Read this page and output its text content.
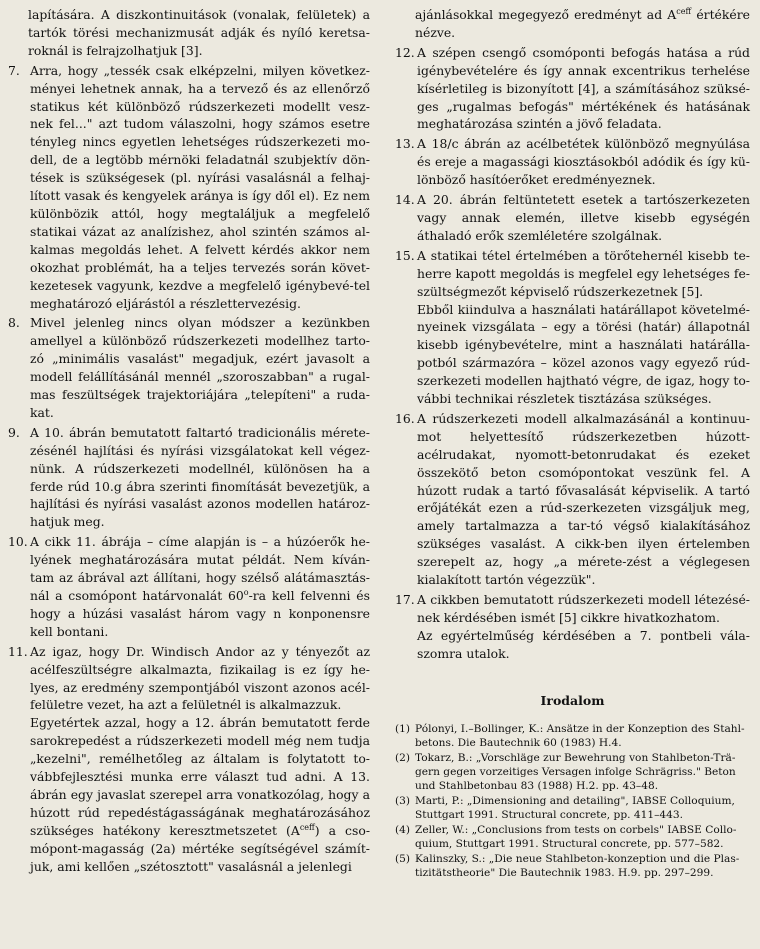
lapítására. A diszkontinuitások (vonalak, felületek) a tartók törési mechanizmusát adják és nyíló keretsa-roknál is felrajzolhatjuk [3].

7. Arra, hogy „tessék csak elképzelni, milyen következ-ményei lehetnek annak, ha a tervező és az ellenőrző statikus két különböző rúdszerkezeti modellt vesz-nek fel..." azt tudom válaszolni, hogy számos esetre tényleg nincs egyetlen lehetséges rúdszerkezeti mo-dell, de a legtöbb mérnöki feladatnál szubjektív dön-tések is szükségesek (pl. nyírási vasalásnál a felhaj-lított vasak és kengyelek aránya is így dől el). Ez nem különbözik attól, hogy megtaláljuk a megfelelő statikai vázat az analízishez, ahol szintén számos al-kalmas megoldás lehet. A felvett kérdés akkor nem okozhat problémát, ha a teljes tervezés során követ-kezetesek vagyunk, kezdve a megfelelő igénybevé-tel meghatározó eljárástól a részlettervezésig.
8. Mivel jelenleg nincs olyan módszer a kezünkben amellyel a különböző rúdszerkezeti modellhez tarto-zó „minimális vasalást" megadjuk, ezért javasolt a modell felállításánál mennél „szoroszabban" a rugal-mas feszültségek trajektoriájára „telepíteni" a ruda-kat.
9. A 10. ábrán bemutatott faltartó tradicionális mérete-zésénél hajlítási és nyírási vizsgálatokat kell végez-nünk. A rúdszerkezeti modellnél, különösen ha a ferde rúd 10.g ábra szerinti finomítását bevezetjük, a hajlítási és nyírási vasalást azonos modellen határoz-hatjuk meg.
10. A cikk 11. ábrája – címe alapján is – a húzóerők he-lyének meghatározására mutat példát. Nem kíván-tam az ábrával azt állítani, hogy szélső alátámasztás-nál a csomópont határvonalát 60$^o$-ra kell felvenni és hogy a húzási vasalást három vagy n konponensre kell bontani.
11. Az igaz, hogy Dr. Windisch Andor az y tényezőt az acélfeszültségre alkalmazta, fizikailag is ez így he-lyes, az eredmény szempontjából viszont azonos acél-felületre vezet, ha azt a felületnél is alkalmazzuk.
Egyetértek azzal, hogy a 12. ábrán bemutatott ferde sarokrepedést a rúdszerkezeti modell még nem tudja „kezelni", remélhetőleg az általam is folytatott to-vábbfejlesztési munka erre választ tud adni. A 13. ábrán egy javaslat szerepel arra vonatkozólag, hogy a húzott rúd repedéstágasságának meghatározásához szükséges hatékony keresztmetszetet $(A^{ceff})$ a cso-mópont-magasság (2a) mértéke segítségével számít-juk, ami kellően „szétosztott" vasalásnál a jelenlegi

ajánlásokkal megegyező eredményt ad $A^{ceff}$ értékére nézve.

12. A szépen csengő csomóponti befogás hatása a rúd igénybevételére és így annak excentrikus terhelése kísérletileg is bizonyított [4], a számításához szüksé-ges „rugalmas befogás" mértékének és hatásának meghatározása szintén a jövő feladata.
13. A 18/c ábrán az acélbetétek különböző megnyúlása és ereje a magassági kiosztásokból adódik és így kü-lönböző hasítóerőket eredményeznek.
14. A 20. ábrán feltüntetett esetek a tartószerkezeten vagy annak elemén, illetve kisebb egységén áthaladó erők szemléletére szolgálnak.
15. A statikai tétel értelmében a törőtehernél kisebb te-herre kapott megoldás is megfelel egy lehetséges fe-szültségmezőt képviselő rúdszerkezetnek [5].
Ebből kiindulva a használati határállapot követelmé-nyeinek vizsgálata – egy a törési (határ) állapotnál kisebb igénybevételre, mint a használati határálla-potból származóra – közel azonos vagy egyező rúd-szerkezeti modellen hajtható végre, de igaz, hogy to-vábbi technikai részletek tisztázása szükséges.
16. A rúdszerkezeti modell alkalmazásánál a kontinuu-mot helyettesítő rúdszerkezetben húzott-acélrudakat, nyomott-betonrudakat és ezeket összekötő beton csomópontokat veszünk fel. A húzott rudak a tartó fővasalását képviselik. A tartó erőjátékát ezen a rúd-szerkezeten vizsgáljuk meg, amely tartalmazza a tar-tó végső kialakításához szükséges vasalást. A cikk-ben ilyen értelemben szerepelt az, hogy „a mérete-zést a véglegesen kialakított tartón végezzük".
17. A cikkben bemutatott rúdszerkezeti modell létezésé-nek kérdésében ismét [5] cikkre hivatkozhatom.
Az egyértelműség kérdésében a 7. pontbeli vála-szomra utalok.
Irodalom
(1) Pólonyi, I.–Bollinger, K.: Ansätze in der Konzeption des Stahl-betons. Die Bautechnik 60 (1983) H.4.
(2) Tokarz, B.: „Vorschläge zur Bewehrung von Stahlbeton-Trä-gern gegen vorzeitiges Versagen infolge Schrägriss." Beton und Stahlbetonbau 83 (1988) H.2. pp. 43–48.
(3) Marti, P.: „Dimensioning and detailing", IABSE Colloquium, Stuttgart 1991. Structural concrete, pp. 411–443.
(4) Zeller, W.: „Conclusions from tests on corbels" IABSE Collo-quium, Stuttgart 1991. Structural concrete, pp. 577–582.
(5) Kalinszky, S.: „Die neue Stahlbeton-konzeption und die Plas-tizitätstheorie" Die Bautechnik 1983. H.9. pp. 297–299.
